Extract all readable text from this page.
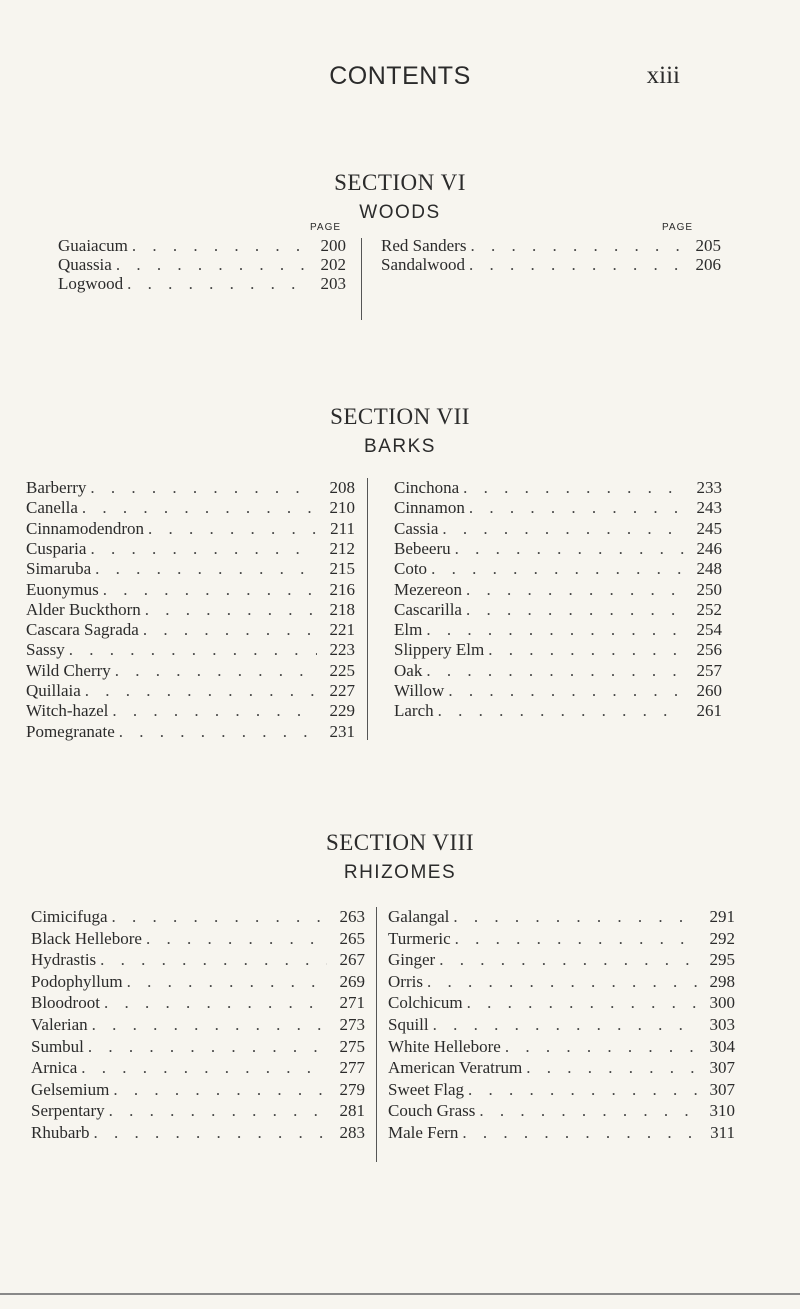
CONTENTS	xiii
SECTION VI
WOODS
PAGE	PAGE
Guaiacum . . .	200
Quassia . . .	202
Logwood . . .	203
Red Sanders . . .	205
Sandalwood . . .	206
SECTION VII
BARKS
Barberry . . .	208
Canella . . .	210
Cinnamodendron . . .	211
Cusparia . . .	212
Simaruba . . .	215
Euonymus . . .	216
Alder Buckthorn . . .	218
Cascara Sagrada . . .	221
Sassy . . .	223
Wild Cherry . . .	225
Quillaia . . .	227
Witch-hazel . . .	229
Pomegranate . . .	231
Cinchona . . .	233
Cinnamon . . .	243
Cassia . . .	245
Bebeeru . . .	246
Coto . . .	248
Mezereon . . .	250
Cascarilla . . .	252
Elm . . .	254
Slippery Elm . . .	256
Oak . . .	257
Willow . . .	260
Larch . . .	261
SECTION VIII
RHIZOMES
Cimicifuga . . .	263
Black Hellebore . . .	265
Hydrastis . . .	267
Podophyllum . . .	269
Bloodroot . . .	271
Valerian . . .	273
Sumbul . . .	275
Arnica . . .	277
Gelsemium . . .	279
Serpentary . . .	281
Rhubarb . . .	283
Galangal . . .	291
Turmeric . . .	292
Ginger . . .	295
Orris . . .	298
Colchicum . . .	300
Squill . . .	303
White Hellebore . . .	304
American Veratrum . . .	307
Sweet Flag . . .	307
Couch Grass . . .	310
Male Fern . . .	311
